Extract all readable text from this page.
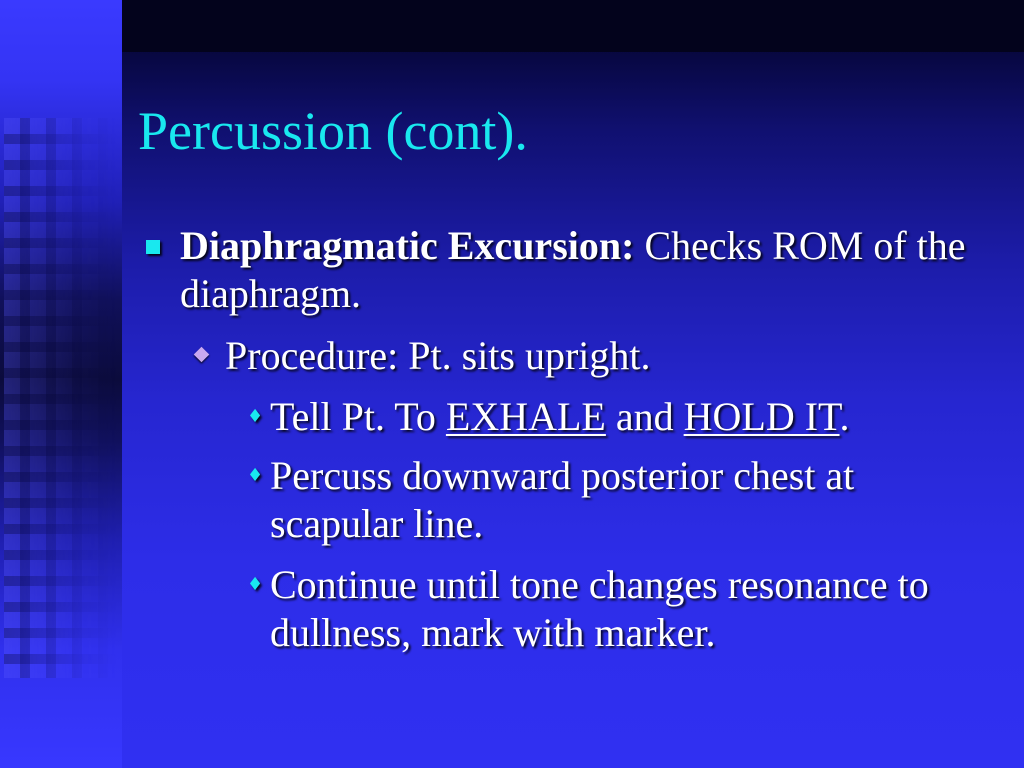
Percussion (cont).

Diaphragmatic Excursion: Checks ROM of the diaphragm.

Procedure: Pt. sits upright.

♦ Tell Pt. To EXHALE and HOLD IT.

♦ Percuss downward posterior chest at scapular line.

♦ Continue until tone changes resonance to dullness, mark with marker.
